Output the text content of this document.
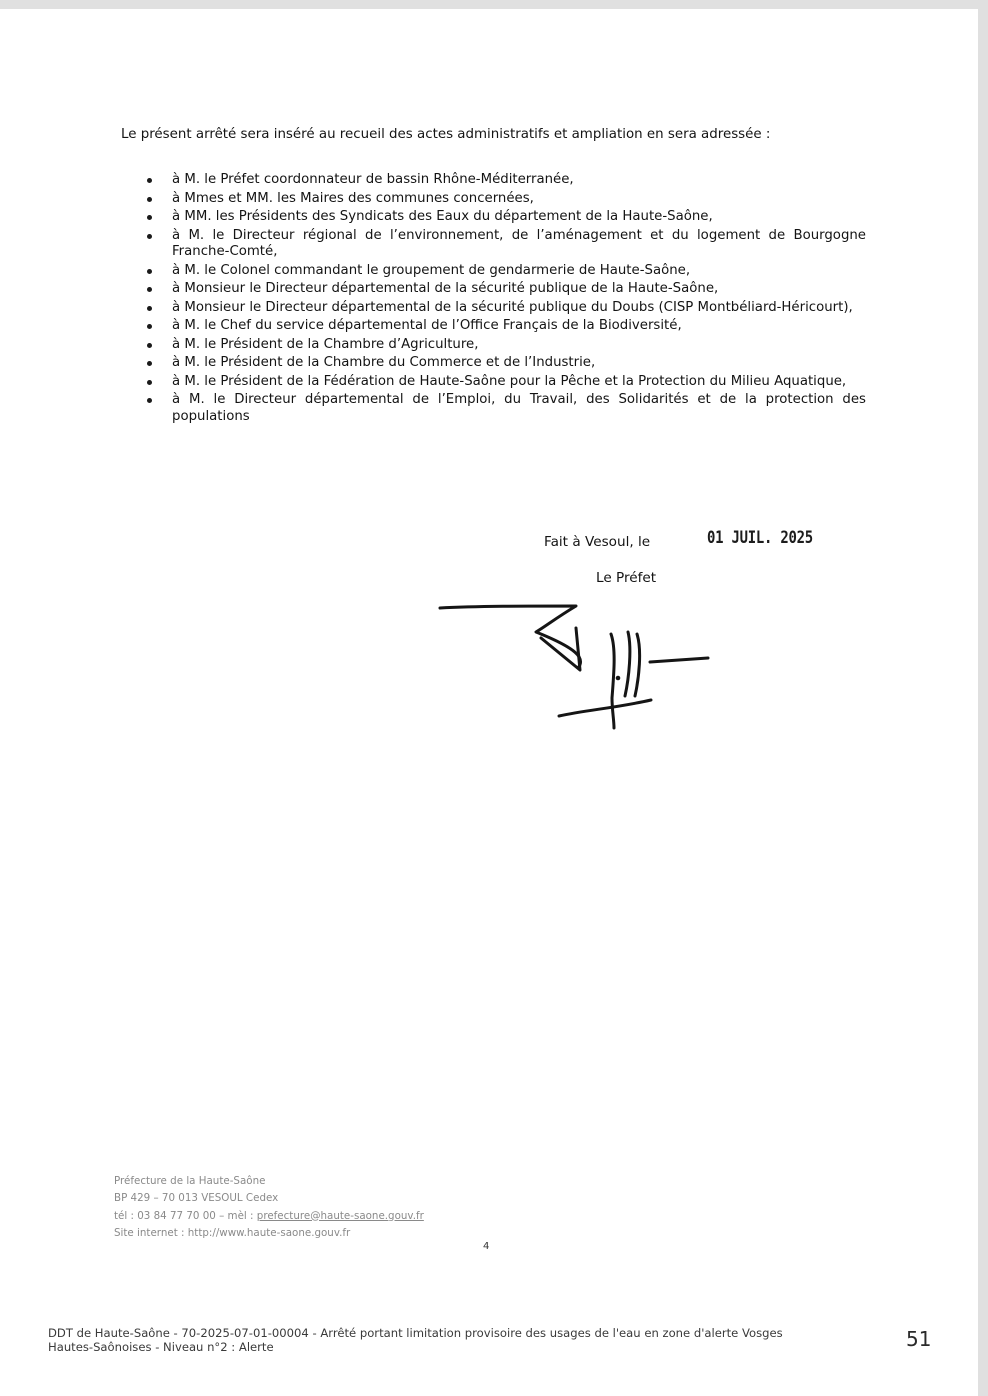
Le présent arrêté sera inséré au recueil des actes administratifs et ampliation en sera adressée :

à M. le Préfet coordonnateur de bassin Rhône-Méditerranée,
à Mmes et MM. les Maires des communes concernées,
à MM. les Présidents des Syndicats des Eaux du département de la Haute-Saône,
à M. le Directeur régional de l’environnement, de l’aménagement et du logement de Bourgogne Franche-Comté,
à M. le Colonel commandant le groupement de gendarmerie de Haute-Saône,
à Monsieur le Directeur départemental de la sécurité publique de la Haute-Saône,
à Monsieur le Directeur départemental de la sécurité publique du Doubs (CISP Montbéliard-Héricourt),
à M. le Chef du service départemental de l’Office Français de la Biodiversité,
à M. le Président de la Chambre d’Agriculture,
à M. le Président de la Chambre du Commerce et de l’Industrie,
à M. le Président de la Fédération de Haute-Saône pour la Pêche et la Protection du Milieu Aquatique,
à M. le Directeur départemental de l’Emploi, du Travail, des Solidarités et de la protection des populations
Fait à Vesoul, le	01 JUIL. 2025
Le Préfet
Préfecture de la Haute-Saône
BP 429 – 70 013 VESOUL Cedex
tél : 03 84 77 70 00 – mèl : prefecture@haute-saone.gouv.fr
Site internet : http://www.haute-saone.gouv.fr
4
DDT de Haute-Saône - 70-2025-07-01-00004 - Arrêté portant limitation provisoire des usages de l'eau en zone d'alerte Vosges
Hautes-Saônoises - Niveau n°2 : Alerte	51
